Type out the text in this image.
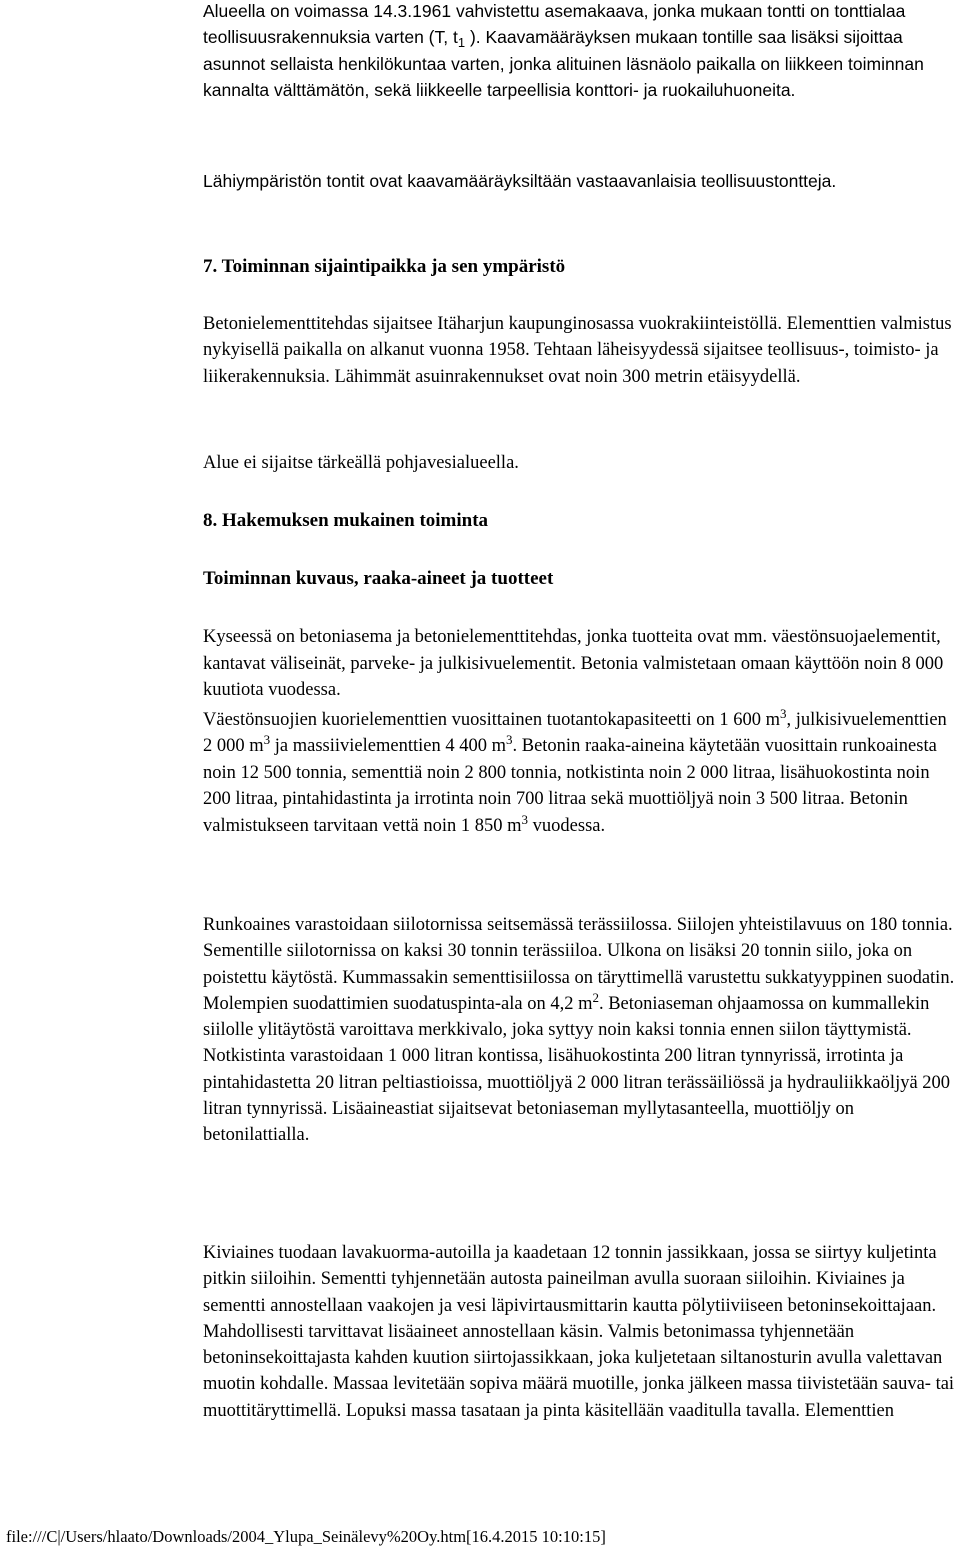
Alueella on voimassa 14.3.1961 vahvistettu asemakaava, jonka mukaan tontti on tonttialaa teollisuusrakennuksia varten (T, $t_1$ ). Kaavamääräyksen mukaan tontille saa lisäksi sijoittaa asunnot sellaista henkilökuntaa varten, jonka alituinen läsnäolo paikalla on liikkeen toiminnan kannalta välttämätön, sekä liikkeelle tarpeellisia konttori- ja ruokailuhuoneita.

Lähiympäristön tontit ovat kaavamääräyksiltään vastaavanlaisia teollisuustontteja.

7. Toiminnan sijaintipaikka ja sen ympäristö

Betonielementtitehdas sijaitsee Itäharjun kaupunginosassa vuokrakiinteistöllä. Elementtien valmistus nykyisellä paikalla on alkanut vuonna 1958. Tehtaan läheisyydessä sijaitsee teollisuus-, toimisto- ja liikerakennuksia. Lähimmät asuinrakennukset ovat noin 300 metrin etäisyydellä.

Alue ei sijaitse tärkeällä pohjavesialueella.

8. Hakemuksen mukainen toiminta
Toiminnan kuvaus, raaka-aineet ja tuotteet

Kyseessä on betoniasema ja betonielementtitehdas, jonka tuotteita ovat mm. väestönsuojaelementit, kantavat väliseinät, parveke- ja julkisivuelementit. Betonia valmistetaan omaan käyttöön noin 8 000 kuutiota vuodessa.
Väestönsuojien kuorielementtien vuosittainen tuotantokapasiteetti on 1 600 $m^3$, julkisivuelementtien 2 000 $m^3$ ja massiivielementtien 4 400 $m^3$. Betonin raaka-aineina käytetään vuosittain runkoainesta noin 12 500 tonnia, sementtiä noin 2 800 tonnia, notkistinta noin 2 000 litraa, lisähuokostinta noin 200 litraa, pintahidastinta ja irrotinta noin 700 litraa sekä muottiöljyä noin 3 500 litraa. Betonin valmistukseen tarvitaan vettä noin 1 850 $m^3$ vuodessa.

Runkoaines varastoidaan siilotornissa seitsemässä terässiilossa. Siilojen yhteistilavuus on 180 tonnia. Sementille siilotornissa on kaksi 30 tonnin terässiiloa. Ulkona on lisäksi 20 tonnin siilo, joka on poistettu käytöstä. Kummassakin sementtisiilossa on täryttimellä varustettu sukkatyyppinen suodatin. Molempien suodattimien suodatuspinta-ala on 4,2 $m^2$. Betoniaseman ohjaamossa on kummallekin siilolle ylitäytöstä varoittava merkkivalo, joka syttyy noin kaksi tonnia ennen siilon täyttymistä. Notkistinta varastoidaan 1 000 litran kontissa, lisähuokostinta 200 litran tynnyrissä, irrotinta ja pintahidastetta 20 litran peltiastioissa, muottiöljyä 2 000 litran terässäiliössä ja hydrauliikkaöljyä 200 litran tynnyrissä. Lisäaineastiat sijaitsevat betoniaseman myllytasanteella, muottiöljy on betonilattialla.

Kiviaines tuodaan lavakuorma-autoilla ja kaadetaan 12 tonnin jassikkaan, jossa se siirtyy kuljetinta pitkin siiloihin. Sementti tyhjennetään autosta paineilman avulla suoraan siiloihin. Kiviaines ja sementti annostellaan vaakojen ja vesi läpivirtausmittarin kautta pölytiiviiseen betoninsekoittajaan. Mahdollisesti tarvittavat lisäaineet annostellaan käsin. Valmis betonimassa tyhjennetään betoninsekoittajasta kahden kuution siirtojassikkaan, joka kuljetetaan siltanosturin avulla valettavan muotin kohdalle. Massaa levitetään sopiva määrä muotille, jonka jälkeen massa tiivistetään sauva- tai muottitäryttimellä. Lopuksi massa tasataan ja pinta käsitellään vaaditulla tavalla. Elementtien

file:///C|/Users/hlaato/Downloads/2004_Ylupa_Seinälevy%20Oy.htm[16.4.2015 10:10:15]
